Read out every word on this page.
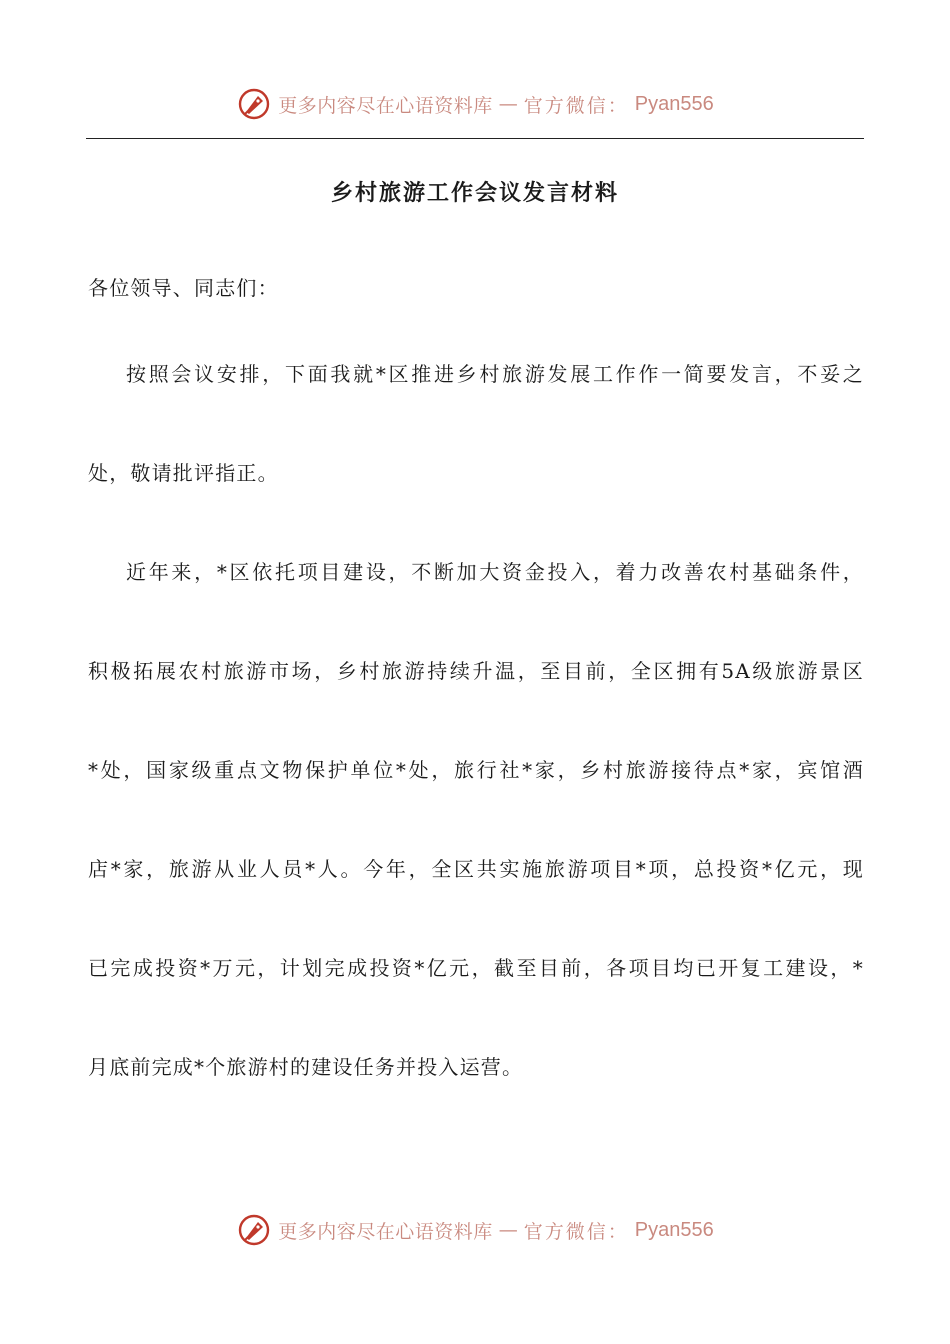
更多内容尽在心语资料库 — 官方微信： Pyan556
乡村旅游工作会议发言材料
各位领导、同志们：
按照会议安排，下面我就*区推进乡村旅游发展工作作一简要发言，不妥之
处，敬请批评指正。
近年来，*区依托项目建设，不断加大资金投入，着力改善农村基础条件，
积极拓展农村旅游市场，乡村旅游持续升温，至目前，全区拥有5A级旅游景区
*处，国家级重点文物保护单位*处，旅行社*家，乡村旅游接待点*家，宾馆酒
店*家，旅游从业人员*人。今年，全区共实施旅游项目*项，总投资*亿元，现
已完成投资*万元，计划完成投资*亿元，截至目前，各项目均已开复工建设，*
月底前完成*个旅游村的建设任务并投入运营。
更多内容尽在心语资料库 — 官方微信： Pyan556
